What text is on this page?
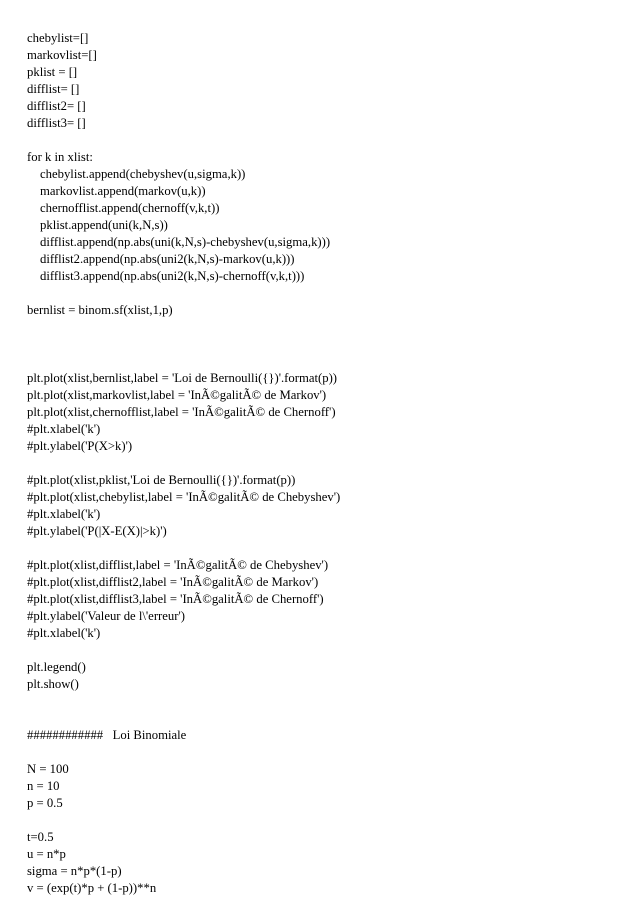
chebylist=[]
markovlist=[]
pklist = []
difflist= []
difflist2= []
difflist3= []
for k in xlist:
chebylist.append(chebyshev(u,sigma,k))
markovlist.append(markov(u,k))
chernofflist.append(chernoff(v,k,t))
pklist.append(uni(k,N,s))
difflist.append(np.abs(uni(k,N,s)-chebyshev(u,sigma,k)))
difflist2.append(np.abs(uni2(k,N,s)-markov(u,k)))
difflist3.append(np.abs(uni2(k,N,s)-chernoff(v,k,t)))
bernlist = binom.sf(xlist,1,p)
plt.plot(xlist,bernlist,label = 'Loi de Bernoulli({})'.format(p))
plt.plot(xlist,markovlist,label = 'InÃ©galitÃ© de Markov')
plt.plot(xlist,chernofflist,label = 'InÃ©galitÃ© de Chernoff')
#plt.xlabel('k')
#plt.ylabel('P(X>k)')
#plt.plot(xlist,pklist,'Loi de Bernoulli({})'.format(p))
#plt.plot(xlist,chebylist,label = 'InÃ©galitÃ© de Chebyshev')
#plt.xlabel('k')
#plt.ylabel('P(|X-E(X)|>k)')
#plt.plot(xlist,difflist,label = 'InÃ©galitÃ© de Chebyshev')
#plt.plot(xlist,difflist2,label = 'InÃ©galitÃ© de Markov')
#plt.plot(xlist,difflist3,label = 'InÃ©galitÃ© de Chernoff')
#plt.ylabel('Valeur de l\'erreur')
#plt.xlabel('k')
plt.legend()
plt.show()
############   Loi Binomiale
N = 100
n = 10
p = 0.5
t=0.5
u = n*p
sigma = n*p*(1-p)
v = (exp(t)*p + (1-p))**n
